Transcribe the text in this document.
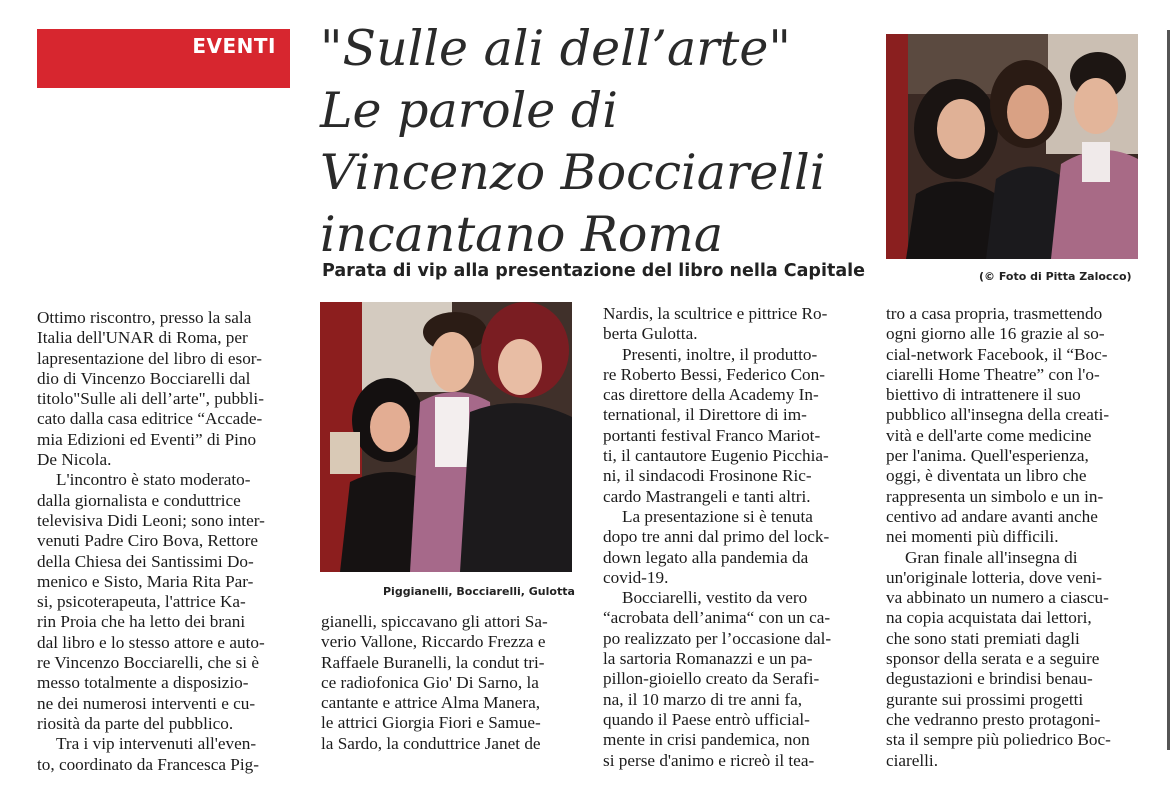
EVENTI "Sulle ali dell’arte"
Le parole di
Vincenzo Bocciarelli
incantano Roma
Parata di vip alla presentazione del libro nella Capitale	(© Foto di Pitta Zalocco)
Piggianelli, Bocciarelli, Gulotta

Ottimo riscontro, presso la sala
Italia dell'UNAR di Roma, per
lapresentazione del libro di esor-
dio di Vincenzo Bocciarelli dal
titolo"Sulle ali dell’arte", pubbli-
cato dalla casa editrice “Accade-
mia Edizioni ed Eventi” di Pino
De Nicola.

L'incontro è stato moderato-
dalla giornalista e conduttrice
televisiva Didi Leoni; sono inter-
venuti Padre Ciro Bova, Rettore
della Chiesa dei Santissimi Do-
menico e Sisto, Maria Rita Par-
si, psicoterapeuta, l'attrice Ka-
rin Proia che ha letto dei brani
dal libro e lo stesso attore e auto-
re Vincenzo Bocciarelli, che si è
messo totalmente a disposizio-
ne dei numerosi interventi e cu-
riosità da parte del pubblico.

Tra i vip intervenuti all'even-
to, coordinato da Francesca Pig-

gianelli, spiccavano gli attori Sa-
verio Vallone, Riccardo Frezza e
Raffaele Buranelli, la condut tri-
ce radiofonica Gio' Di Sarno, la
cantante e attrice Alma Manera,
le attrici Giorgia Fiori e Samue-
la Sardo, la conduttrice Janet de

Nardis, la scultrice e pittrice Ro-
berta Gulotta.

Presenti, inoltre, il produtto-
re Roberto Bessi, Federico Con-
cas direttore della Academy In-
ternational, il Direttore di im-
portanti festival Franco Mariot-
ti, il cantautore Eugenio Picchia-
ni, il sindacodi Frosinone Ric-
cardo Mastrangeli e tanti altri.

La presentazione si è tenuta
dopo tre anni dal primo del lock-
down legato alla pandemia da
covid-19.

Bocciarelli, vestito da vero
“acrobata dell’anima“ con un ca-
po realizzato per l’occasione dal-
la sartoria Romanazzi e un pa-
pillon-gioiello creato da Serafi-
na, il 10 marzo di tre anni fa,
quando il Paese entrò ufficial-
mente in crisi pandemica, non
si perse d'animo e ricreò il tea-

tro a casa propria, trasmettendo
ogni giorno alle 16 grazie al so-
cial-network Facebook, il “Boc-
ciarelli Home Theatre” con l'o-
biettivo di intrattenere il suo
pubblico all'insegna della creati-
vità e dell'arte come medicine
per l'anima. Quell'esperienza,
oggi, è diventata un libro che
rappresenta un simbolo e un in-
centivo ad andare avanti anche
nei momenti più difficili.

Gran finale all'insegna di
un'originale lotteria, dove veni-
va abbinato un numero a ciascu-
na copia acquistata dai lettori,
che sono stati premiati dagli
sponsor della serata e a seguire
degustazioni e brindisi benau-
gurante sui prossimi progetti
che vedranno presto protagoni-
sta il sempre più poliedrico Boc-
ciarelli.
